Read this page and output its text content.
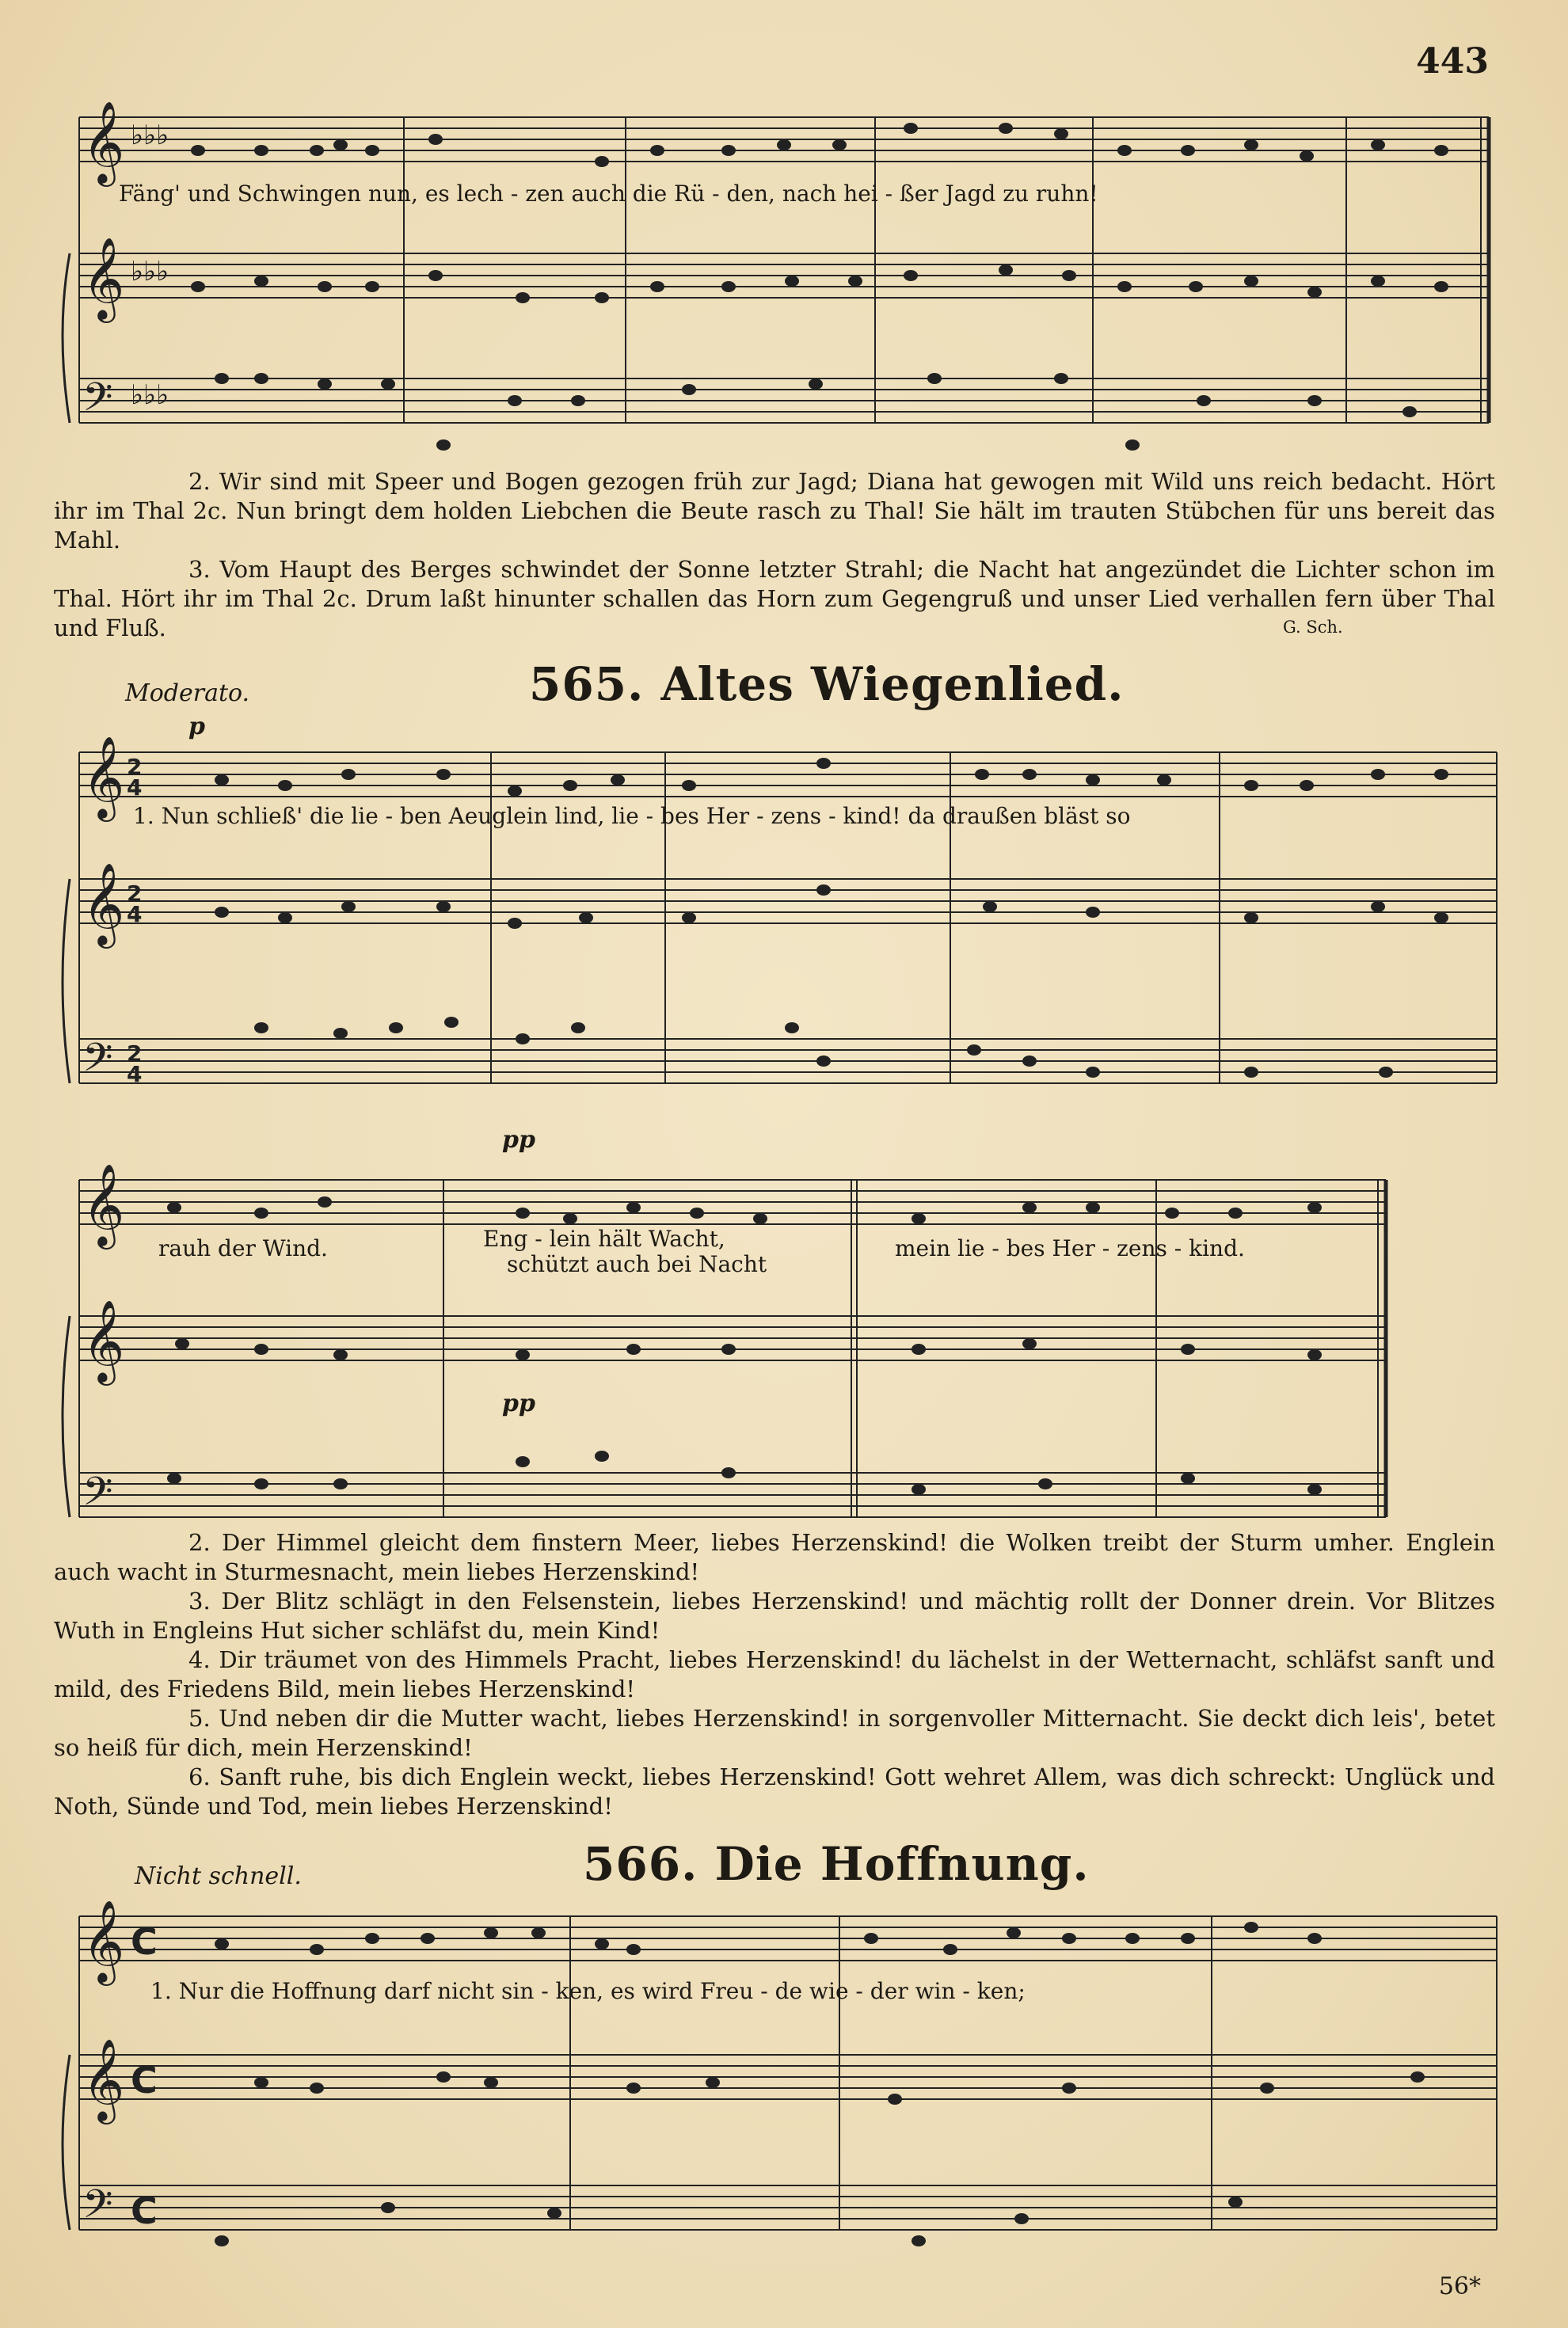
443
𝄞
𝄞
𝄢
♭♭♭
♭♭♭
♭♭♭
𝄞
𝄞
𝄢
2
4
2
4
2
4
𝄞
𝄞
𝄢
𝄞
𝄞
𝄢
C
C
C
Fäng' und Schwingen nun, es lech - zen auch die Rü - den, nach hei - ßer Jagd zu ruhn!

2. Wir sind mit Speer und Bogen gezogen früh zur Jagd; Diana hat gewogen mit Wild uns reich bedacht. Hört ihr im Thal 2c. Nun bringt dem holden Liebchen die Beute rasch zu Thal! Sie hält im trauten Stübchen für uns bereit das Mahl.

3. Vom Haupt des Berges schwindet der Sonne letzter Strahl; die Nacht hat angezündet die Lichter schon im Thal. Hört ihr im Thal 2c. Drum laßt hinunter schallen das Horn zum Gegengruß und unser Lied verhallen fern über Thal und Fluß.	G. Sch.
Moderato.	565. Altes Wiegenlied.
p
1. Nun schließ' die lie - ben Aeuglein lind, lie - bes Her - zens - kind! da draußen bläst so
pp
rauh der Wind.	Eng - lein hält Wacht,
schützt auch bei Nacht
mein lie - bes Her - zens - kind.
pp

2. Der Himmel gleicht dem finstern Meer, liebes Herzenskind! die Wolken treibt der Sturm umher. Englein auch wacht in Sturmesnacht, mein liebes Herzenskind!

3. Der Blitz schlägt in den Felsenstein, liebes Herzenskind! und mächtig rollt der Donner drein. Vor Blitzes Wuth in Engleins Hut sicher schläfst du, mein Kind!

4. Dir träumet von des Himmels Pracht, liebes Herzenskind! du lächelst in der Wetternacht, schläfst sanft und mild, des Friedens Bild, mein liebes Herzenskind!

5. Und neben dir die Mutter wacht, liebes Herzenskind! in sorgenvoller Mitternacht. Sie deckt dich leis', betet so heiß für dich, mein Herzenskind!

6. Sanft ruhe, bis dich Englein weckt, liebes Herzenskind! Gott wehret Allem, was dich schreckt: Unglück und Noth, Sünde und Tod, mein liebes Herzenskind!

Nicht schnell.	566. Die Hoffnung.
1. Nur die Hoffnung darf nicht sin - ken, es wird Freu - de wie - der win - ken;
56*
